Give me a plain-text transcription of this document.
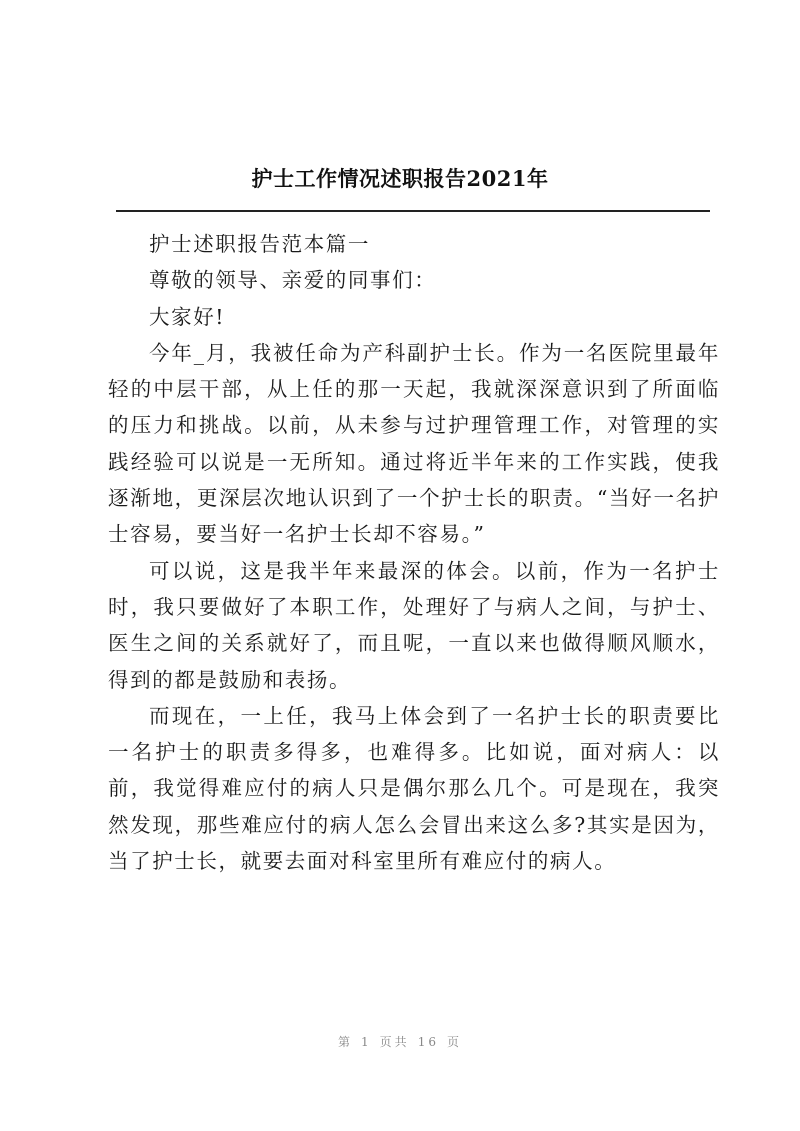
护士工作情况述职报告2021年

护士述职报告范本篇一

尊敬的领导、亲爱的同事们：

大家好!

今年_月，我被任命为产科副护士长。作为一名医院里最年轻的中层干部，从上任的那一天起，我就深深意识到了所面临的压力和挑战。以前，从未参与过护理管理工作，对管理的实践经验可以说是一无所知。通过将近半年来的工作实践，使我逐渐地，更深层次地认识到了一个护士长的职责。“当好一名护士容易，要当好一名护士长却不容易。”

可以说，这是我半年来最深的体会。以前，作为一名护士时，我只要做好了本职工作，处理好了与病人之间，与护士、医生之间的关系就好了，而且呢，一直以来也做得顺风顺水，得到的都是鼓励和表扬。

而现在，一上任，我马上体会到了一名护士长的职责要比一名护士的职责多得多，也难得多。比如说，面对病人：以前，我觉得难应付的病人只是偶尔那么几个。可是现在，我突然发现，那些难应付的病人怎么会冒出来这么多?其实是因为，当了护士长，就要去面对科室里所有难应付的病人。

第 1 页共 16 页
